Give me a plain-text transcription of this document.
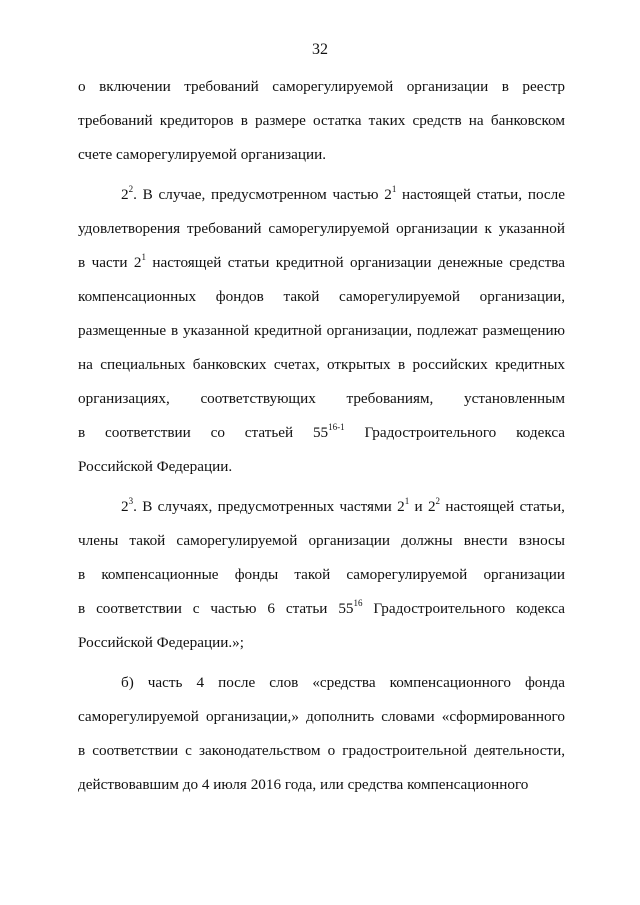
32
о включении требований саморегулируемой организации в реестр
требований кредиторов в размере остатка таких средств на банковском
счете саморегулируемой организации.
$2^2$. В случае, предусмотренном частью $2^1$ настоящей статьи, после
удовлетворения требований саморегулируемой организации к указанной
в части $2^1$ настоящей статьи кредитной организации денежные средства
компенсационных фондов такой саморегулируемой организации,
размещенные в указанной кредитной организации, подлежат размещению
на специальных банковских счетах, открытых в российских кредитных
организациях, соответствующих требованиям, установленным
в соответствии со статьей 55$^{16-1}$ Градостроительного кодекса
Российской Федерации.
$2^3$. В случаях, предусмотренных частями $2^1$ и $2^2$ настоящей статьи,
члены такой саморегулируемой организации должны внести взносы
в компенсационные фонды такой саморегулируемой организации
в соответствии с частью 6 статьи $55^{16}$ Градостроительного кодекса
Российской Федерации.»;
б) часть 4 после слов «средства компенсационного фонда
саморегулируемой организации,» дополнить словами «сформированного
в соответствии с законодательством о градостроительной деятельности,
действовавшим до 4 июля 2016 года, или средства компенсационного
